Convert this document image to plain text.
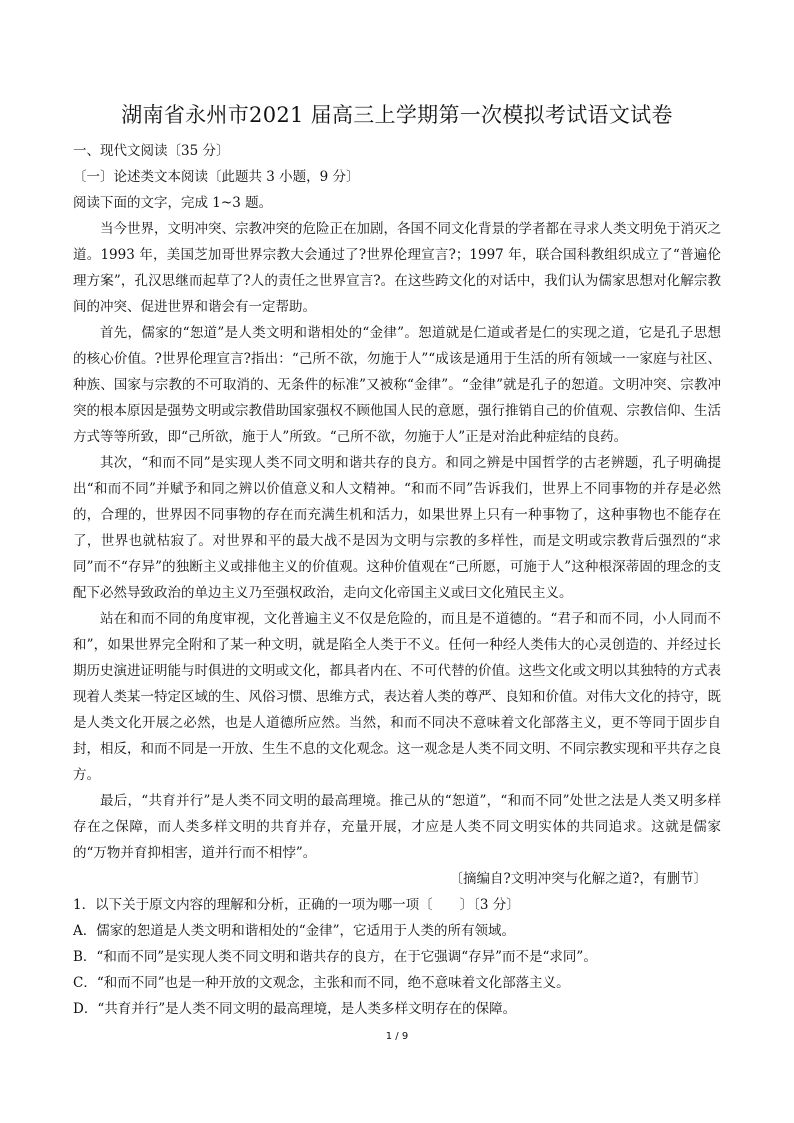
湖南省永州市2021 届高三上学期第一次模拟考试语文试卷

一、现代文阅读〔35 分〕

〔一〕论述类文本阅读〔此题共 3 小题，9 分〕

阅读下面的文字，完成 1~3 题。

当今世界，文明冲突、宗教冲突的危险正在加剧，各国不同文化背景的学者都在寻求人类文明免于消灭之道。1993 年，美国芝加哥世界宗教大会通过了?世界伦理宣言?；1997 年，联合国科教组织成立了“普遍伦理方案”，孔汉思继而起草了?人的责任之世界宣言?。在这些跨文化的对话中，我们认为儒家思想对化解宗教间的冲突、促进世界和谐会有一定帮助。

首先，儒家的“恕道”是人类文明和谐相处的“金律”。恕道就是仁道或者是仁的实现之道，它是孔子思想的核心价值。?世界伦理宣言?指出：“己所不欲，勿施于人”“成该是通用于生活的所有领域一一家庭与社区、种族、国家与宗教的不可取消的、无条件的标准”又被称“金律”。“金律”就是孔子的恕道。文明冲突、宗教冲突的根本原因是强势文明或宗教借助国家强权不顾他国人民的意愿，强行推销自己的价值观、宗教信仰、生活方式等等所致，即“己所欲，施于人”所致。“己所不欲，勿施于人”正是对治此种症结的良药。

其次，“和而不同”是实现人类不同文明和谐共存的良方。和同之辨是中国哲学的古老辨题，孔子明确提出“和而不同”并赋予和同之辨以价值意义和人文精神。“和而不同”告诉我们，世界上不同事物的并存是必然的，合理的，世界因不同事物的存在而充满生机和活力，如果世界上只有一种事物了，这种事物也不能存在了，世界也就枯寂了。对世界和平的最大战不是因为文明与宗教的多样性，而是文明或宗教背后强烈的“求同”而不“存异”的独断主义或排他主义的价值观。这种价值观在“己所愿，可施于人”这种根深蒂固的理念的支配下必然导致政治的单边主义乃至强权政治，走向文化帝国主义或曰文化殖民主义。

站在和而不同的角度审视，文化普遍主义不仅是危险的，而且是不道德的。“君子和而不同，小人同而不和”，如果世界完全附和了某一种文明，就是陷全人类于不义。任何一种经人类伟大的心灵创造的、并经过长期历史演进证明能与时俱进的文明或文化，都具者内在、不可代替的价值。这些文化或文明以其独特的方式表现着人类某一特定区域的生、风俗习惯、思维方式，表达着人类的尊严、良知和价值。对伟大文化的持守，既是人类文化开展之必然，也是人道德所应然。当然，和而不同决不意味着文化部落主义，更不等同于固步自封，相反，和而不同是一开放、生生不息的文化观念。这一观念是人类不同文明、不同宗教实现和平共存之良方。

最后，“共育并行”是人类不同文明的最高理境。推己从的“恕道”，“和而不同”处世之法是人类又明多样存在之保障，而人类多样文明的共育并存，充量开展，才应是人类不同文明实体的共同追求。这就是儒家的“万物并育抑相害，道并行而不相悖”。

〔摘编自?文明冲突与化解之道?，有删节〕

1．以下关于原文内容的理解和分析，正确的一项为哪一项〔　　〕〔3 分〕

A．儒家的恕道是人类文明和谐相处的“金律”，它适用于人类的所有领域。

B．“和而不同”是实现人类不同文明和谐共存的良方，在于它强调“存异”而不是“求同”。

C．“和而不同”也是一种开放的文观念，主张和而不同，绝不意味着文化部落主义。

D．“共育并行”是人类不同文明的最高理境，是人类多样文明存在的保障。

1 / 9
